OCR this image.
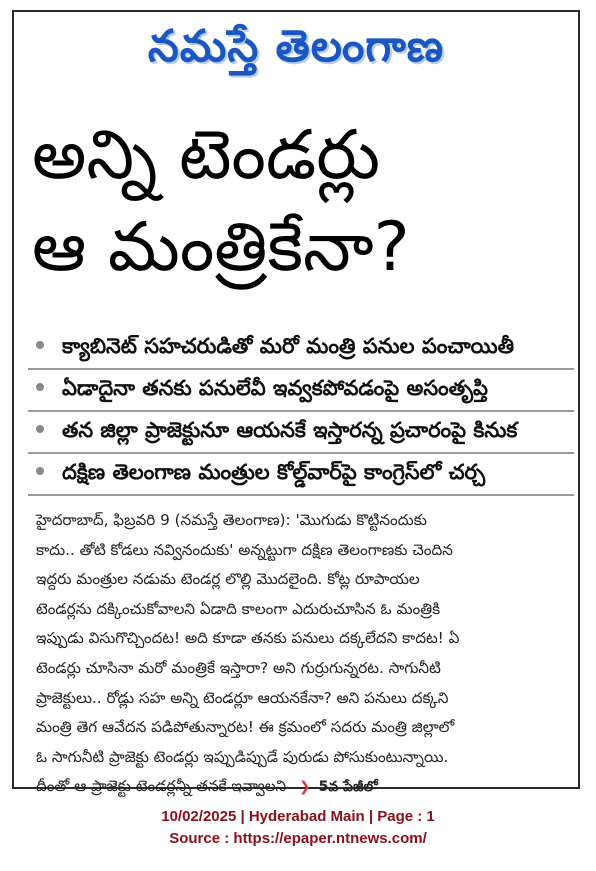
నమస్తే తెలంగాణ
అన్ని టెండర్లు
ఆ మంత్రికేనా?
క్యాబినెట్ సహచరుడితో మరో మంత్రి పనుల పంచాయితీ
ఏడాదైనా తనకు పనులేవీ ఇవ్వకపోవడంపై అసంతృప్తి
తన జిల్లా ప్రాజెక్టునూ ఆయనకే ఇస్తారన్న ప్రచారంపై కినుక
దక్షిణ తెలంగాణ మంత్రుల కోల్డ్‌వార్‌పై కాంగ్రెస్‌లో చర్చ
హైదరాబాద్, ఫిబ్రవరి 9 (నమస్తే తెలంగాణ): 'మొగుడు కొట్టినందుకు
కాదు.. తోటి కోడలు నవ్వినందుకు' అన్నట్టుగా దక్షిణ తెలంగాణకు చెందిన
ఇద్దరు మంత్రుల నడుమ టెండర్ల లొల్లి మొదలైంది. కోట్ల రూపాయల
టెండర్లను దక్కించుకోవాలని ఏడాది కాలంగా ఎదురుచూసిన ఓ మంత్రికి
ఇప్పుడు విసుగొచ్చిందట! అది కూడా తనకు పనులు దక్కలేదని కాదట! ఏ
టెండర్లు చూసినా మరో మంత్రికే ఇస్తారా? అని గుర్రుగున్నరట. సాగునీటి
ప్రాజెక్టులు.. రోడ్లు సహ అన్ని టెండర్లూ ఆయనకేనా? అని పనులు దక్కని
మంత్రి తెగ ఆవేదన పడిపోతున్నారట! ఈ క్రమంలో సదరు మంత్రి జిల్లాలో
ఓ సాగునీటి ప్రాజెక్టు టెండర్లు ఇప్పుడిప్పుడే పురుడు పోసుకుంటున్నాయి.
దీంతో ఆ ప్రాజెక్టు టెండర్లన్నీ తనకే ఇవ్వాలని ❯ 5వ పేజీలో
10/02/2025 | Hyderabad Main | Page : 1
Source : https://epaper.ntnews.com/
